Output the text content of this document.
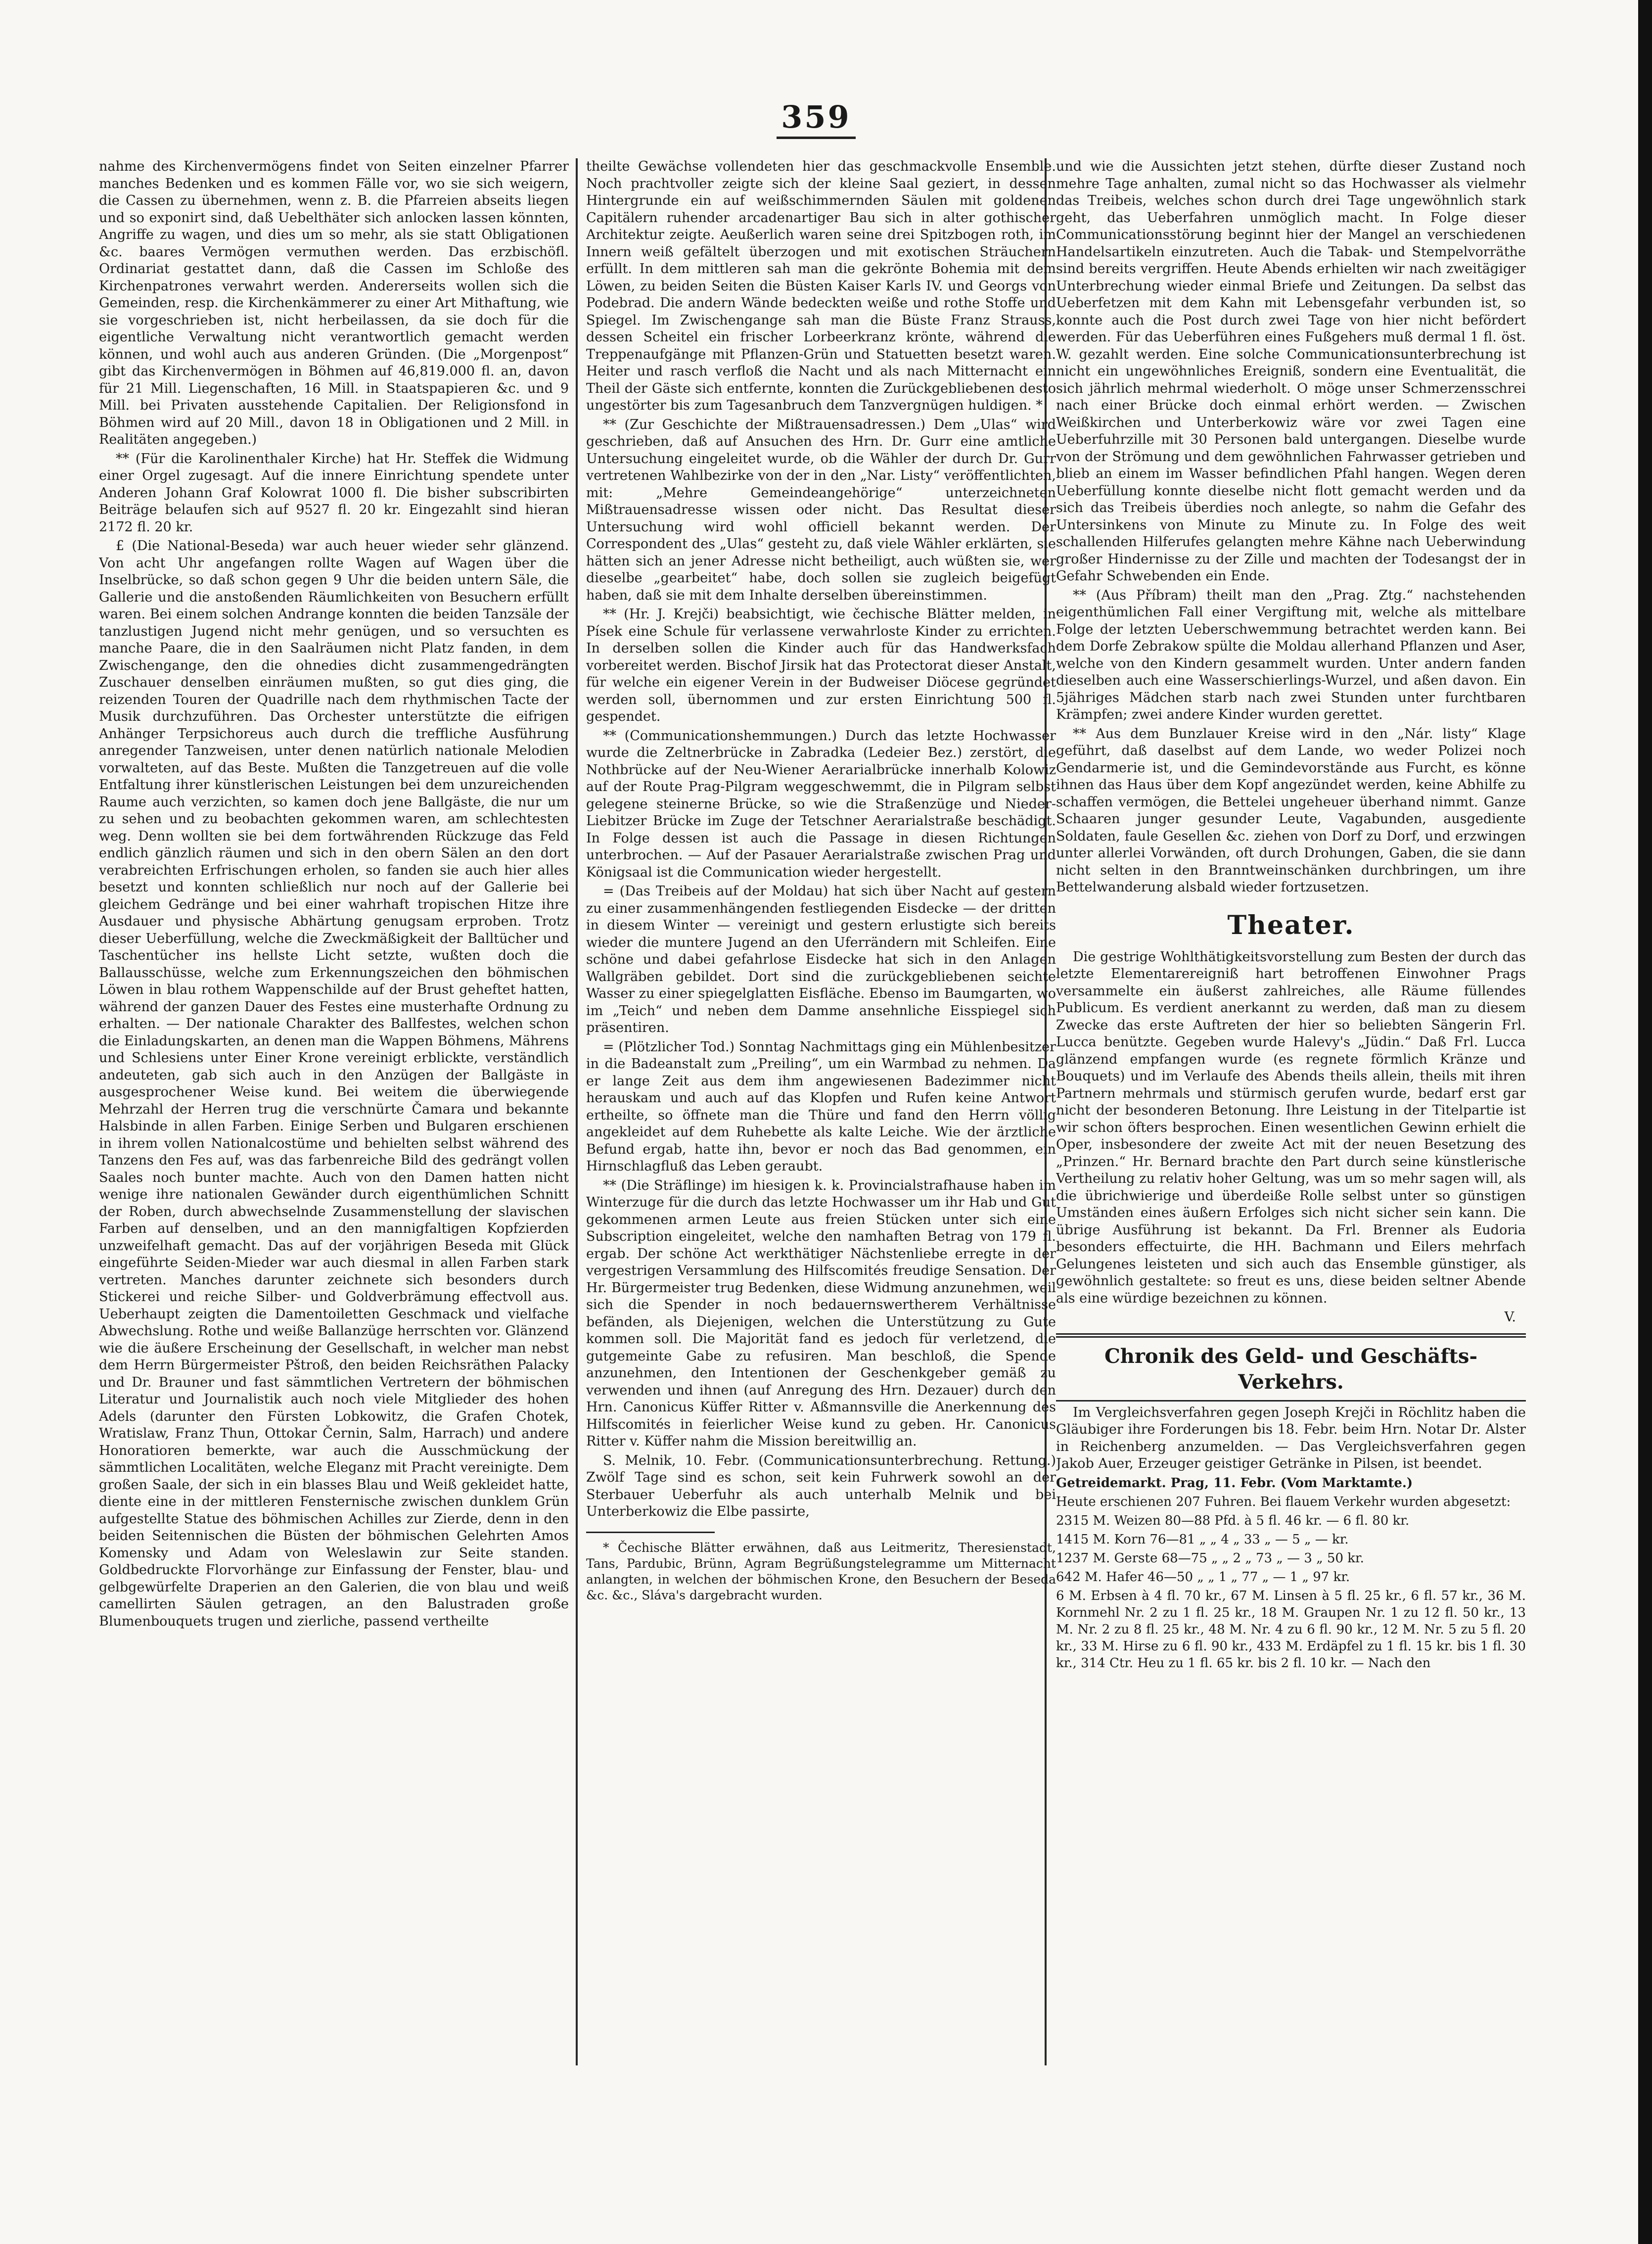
359

nahme des Kirchenvermögens findet von Seiten einzelner Pfarrer manches Bedenken und es kommen Fälle vor, wo sie sich weigern, die Cassen zu übernehmen, wenn z. B. die Pfarreien abseits liegen und so exponirt sind, daß Uebelthäter sich anlocken lassen könnten, Angriffe zu wagen, und dies um so mehr, als sie statt Obligationen &c. baares Vermögen vermuthen werden. Das erzbischöfl. Ordinariat gestattet dann, daß die Cassen im Schloße des Kirchenpatrones verwahrt werden. Andererseits wollen sich die Gemeinden, resp. die Kirchenkämmerer zu einer Art Mithaftung, wie sie vorgeschrieben ist, nicht herbeilassen, da sie doch für die eigentliche Verwaltung nicht verantwortlich gemacht werden können, und wohl auch aus anderen Gründen. (Die „Morgenpost“ gibt das Kirchenvermögen in Böhmen auf 46,819.000 fl. an, davon für 21 Mill. Liegenschaften, 16 Mill. in Staatspapieren &c. und 9 Mill. bei Privaten ausstehende Capitalien. Der Religionsfond in Böhmen wird auf 20 Mill., davon 18 in Obligationen und 2 Mill. in Realitäten angegeben.)

** (Für die Karolinenthaler Kirche) hat Hr. Steffek die Widmung einer Orgel zugesagt. Auf die innere Einrichtung spendete unter Anderen Johann Graf Kolowrat 1000 fl. Die bisher subscribirten Beiträge belaufen sich auf 9527 fl. 20 kr. Eingezahlt sind hieran 2172 fl. 20 kr.

£ (Die National-Beseda) war auch heuer wieder sehr glänzend. Von acht Uhr angefangen rollte Wagen auf Wagen über die Inselbrücke, so daß schon gegen 9 Uhr die beiden untern Säle, die Gallerie und die anstoßenden Räumlichkeiten von Besuchern erfüllt waren. Bei einem solchen Andrange konnten die beiden Tanzsäle der tanzlustigen Jugend nicht mehr genügen, und so versuchten es manche Paare, die in den Saalräumen nicht Platz fanden, in dem Zwischengange, den die ohnedies dicht zusammengedrängten Zuschauer denselben einräumen mußten, so gut dies ging, die reizenden Touren der Quadrille nach dem rhythmischen Tacte der Musik durchzuführen. Das Orchester unterstützte die eifrigen Anhänger Terpsichoreus auch durch die treffliche Ausführung anregender Tanzweisen, unter denen natürlich nationale Melodien vorwalteten, auf das Beste. Mußten die Tanzgetreuen auf die volle Entfaltung ihrer künstlerischen Leistungen bei dem unzureichenden Raume auch verzichten, so kamen doch jene Ballgäste, die nur um zu sehen und zu beobachten gekommen waren, am schlechtesten weg. Denn wollten sie bei dem fortwährenden Rückzuge das Feld endlich gänzlich räumen und sich in den obern Sälen an den dort verabreichten Erfrischungen erholen, so fanden sie auch hier alles besetzt und konnten schließlich nur noch auf der Gallerie bei gleichem Gedränge und bei einer wahrhaft tropischen Hitze ihre Ausdauer und physische Abhärtung genugsam erproben. Trotz dieser Ueberfüllung, welche die Zweckmäßigkeit der Balltücher und Taschentücher ins hellste Licht setzte, wußten doch die Ballausschüsse, welche zum Erkennungszeichen den böhmischen Löwen in blau rothem Wappenschilde auf der Brust geheftet hatten, während der ganzen Dauer des Festes eine musterhafte Ordnung zu erhalten. — Der nationale Charakter des Ballfestes, welchen schon die Einladungskarten, an denen man die Wappen Böhmens, Mährens und Schlesiens unter Einer Krone vereinigt erblickte, verständlich andeuteten, gab sich auch in den Anzügen der Ballgäste in ausgesprochener Weise kund. Bei weitem die überwiegende Mehrzahl der Herren trug die verschnürte Čamara und bekannte Halsbinde in allen Farben. Einige Serben und Bulgaren erschienen in ihrem vollen Nationalcostüme und behielten selbst während des Tanzens den Fes auf, was das farbenreiche Bild des gedrängt vollen Saales noch bunter machte. Auch von den Damen hatten nicht wenige ihre nationalen Gewänder durch eigenthümlichen Schnitt der Roben, durch abwechselnde Zusammenstellung der slavischen Farben auf denselben, und an den mannigfaltigen Kopfzierden unzweifelhaft gemacht. Das auf der vorjährigen Beseda mit Glück eingeführte Seiden-Mieder war auch diesmal in allen Farben stark vertreten. Manches darunter zeichnete sich besonders durch Stickerei und reiche Silber- und Goldverbrämung effectvoll aus. Ueberhaupt zeigten die Damentoiletten Geschmack und vielfache Abwechslung. Rothe und weiße Ballanzüge herrschten vor. Glänzend wie die äußere Erscheinung der Gesellschaft, in welcher man nebst dem Herrn Bürgermeister Pštroß, den beiden Reichsräthen Palacky und Dr. Brauner und fast sämmtlichen Vertretern der böhmischen Literatur und Journalistik auch noch viele Mitglieder des hohen Adels (darunter den Fürsten Lobkowitz, die Grafen Chotek, Wratislaw, Franz Thun, Ottokar Černin, Salm, Harrach) und andere Honoratioren bemerkte, war auch die Ausschmückung der sämmtlichen Localitäten, welche Eleganz mit Pracht vereinigte. Dem großen Saale, der sich in ein blasses Blau und Weiß gekleidet hatte, diente eine in der mittleren Fensternische zwischen dunklem Grün aufgestellte Statue des böhmischen Achilles zur Zierde, denn in den beiden Seitennischen die Büsten der böhmischen Gelehrten Amos Komensky und Adam von Weleslawin zur Seite standen. Goldbedruckte Florvorhänge zur Einfassung der Fenster, blau- und gelbgewürfelte Draperien an den Galerien, die von blau und weiß camellirten Säulen getragen, an den Balustraden große Blumenbouquets trugen und zierliche, passend vertheilte

theilte Gewächse vollendeten hier das geschmackvolle Ensemble. Noch prachtvoller zeigte sich der kleine Saal geziert, in dessen Hintergrunde ein auf weißschimmernden Säulen mit goldenen Capitälern ruhender arcadenartiger Bau sich in alter gothischer Architektur zeigte. Aeußerlich waren seine drei Spitzbogen roth, im Innern weiß gefältelt überzogen und mit exotischen Sträuchern erfüllt. In dem mittleren sah man die gekrönte Bohemia mit dem Löwen, zu beiden Seiten die Büsten Kaiser Karls IV. und Georgs von Podebrad. Die andern Wände bedeckten weiße und rothe Stoffe und Spiegel. Im Zwischengange sah man die Büste Franz Strauss, dessen Scheitel ein frischer Lorbeerkranz krönte, während die Treppenaufgänge mit Pflanzen-Grün und Statuetten besetzt waren. Heiter und rasch verfloß die Nacht und als nach Mitternacht ein Theil der Gäste sich entfernte, konnten die Zurückgebliebenen desto ungestörter bis zum Tagesanbruch dem Tanzvergnügen huldigen. *

** (Zur Geschichte der Mißtrauensadressen.) Dem „Ulas“ wird geschrieben, daß auf Ansuchen des Hrn. Dr. Gurr eine amtliche Untersuchung eingeleitet wurde, ob die Wähler der durch Dr. Gurr vertretenen Wahlbezirke von der in den „Nar. Listy“ veröffentlichten, mit: „Mehre Gemeindeangehörige“ unterzeichneten Mißtrauensadresse wissen oder nicht. Das Resultat dieser Untersuchung wird wohl officiell bekannt werden. Der Correspondent des „Ulas“ gesteht zu, daß viele Wähler erklärten, sie hätten sich an jener Adresse nicht betheiligt, auch wüßten sie, wer dieselbe „gearbeitet“ habe, doch sollen sie zugleich beigefügt haben, daß sie mit dem Inhalte derselben übereinstimmen.

** (Hr. J. Krejči) beabsichtigt, wie čechische Blätter melden, in Písek eine Schule für verlassene verwahrloste Kinder zu errichten. In derselben sollen die Kinder auch für das Handwerksfach vorbereitet werden. Bischof Jirsik hat das Protectorat dieser Anstalt, für welche ein eigener Verein in der Budweiser Diöcese gegründet werden soll, übernommen und zur ersten Einrichtung 500 fl. gespendet.

** (Communicationshemmungen.) Durch das letzte Hochwasser wurde die Zeltnerbrücke in Zabradka (Ledeier Bez.) zerstört, die Nothbrücke auf der Neu-Wiener Aerarialbrücke innerhalb Kolowiz auf der Route Prag-Pilgram weggeschwemmt, die in Pilgram selbst gelegene steinerne Brücke, so wie die Straßenzüge und Nieder-Liebitzer Brücke im Zuge der Tetschner Aerarialstraße beschädigt. In Folge dessen ist auch die Passage in diesen Richtungen unterbrochen. — Auf der Pasauer Aerarialstraße zwischen Prag und Königsaal ist die Communication wieder hergestellt.

= (Das Treibeis auf der Moldau) hat sich über Nacht auf gestern zu einer zusammenhängenden festliegenden Eisdecke — der dritten in diesem Winter — vereinigt und gestern erlustigte sich bereits wieder die muntere Jugend an den Uferrändern mit Schleifen. Eine schöne und dabei gefahrlose Eisdecke hat sich in den Anlagen Wallgräben gebildet. Dort sind die zurückgebliebenen seichte Wasser zu einer spiegelglatten Eisfläche. Ebenso im Baumgarten, wo im „Teich“ und neben dem Damme ansehnliche Eisspiegel sich präsentiren.

= (Plötzlicher Tod.) Sonntag Nachmittags ging ein Mühlenbesitzer in die Badeanstalt zum „Preiling“, um ein Warmbad zu nehmen. Da er lange Zeit aus dem ihm angewiesenen Badezimmer nicht herauskam und auch auf das Klopfen und Rufen keine Antwort ertheilte, so öffnete man die Thüre und fand den Herrn völlig angekleidet auf dem Ruhebette als kalte Leiche. Wie der ärztliche Befund ergab, hatte ihn, bevor er noch das Bad genommen, ein Hirnschlagfluß das Leben geraubt.

** (Die Sträflinge) im hiesigen k. k. Provincialstrafhause haben im Winterzuge für die durch das letzte Hochwasser um ihr Hab und Gut gekommenen armen Leute aus freien Stücken unter sich eine Subscription eingeleitet, welche den namhaften Betrag von 179 fl. ergab. Der schöne Act werkthätiger Nächstenliebe erregte in der vergestrigen Versammlung des Hilfscomités freudige Sensation. Der Hr. Bürgermeister trug Bedenken, diese Widmung anzunehmen, weil sich die Spender in noch bedauernswertherem Verhältnisse befänden, als Diejenigen, welchen die Unterstützung zu Gute kommen soll. Die Majorität fand es jedoch für verletzend, die gutgemeinte Gabe zu refusiren. Man beschloß, die Spende anzunehmen, den Intentionen der Geschenkgeber gemäß zu verwenden und ihnen (auf Anregung des Hrn. Dezauer) durch den Hrn. Canonicus Küffer Ritter v. Aßmannsville die Anerkennung des Hilfscomités in feierlicher Weise kund zu geben. Hr. Canonicus Ritter v. Küffer nahm die Mission bereitwillig an.

S. Melnik, 10. Febr. (Communicationsunterbrechung. Rettung.) Zwölf Tage sind es schon, seit kein Fuhrwerk sowohl an der Sterbauer Ueberfuhr als auch unterhalb Melnik und bei Unterberkowiz die Elbe passirte,

* Čechische Blätter erwähnen, daß aus Leitmeritz, Theresienstadt, Tans, Pardubic, Brünn, Agram Begrüßungstelegramme um Mitternacht anlangten, in welchen der böhmischen Krone, den Besuchern der Beseda &c. &c., Sláva's dargebracht wurden.

und wie die Aussichten jetzt stehen, dürfte dieser Zustand noch mehre Tage anhalten, zumal nicht so das Hochwasser als vielmehr das Treibeis, welches schon durch drei Tage ungewöhnlich stark geht, das Ueberfahren unmöglich macht. In Folge dieser Communicationsstörung beginnt hier der Mangel an verschiedenen Handelsartikeln einzutreten. Auch die Tabak- und Stempelvorräthe sind bereits vergriffen. Heute Abends erhielten wir nach zweitägiger Unterbrechung wieder einmal Briefe und Zeitungen. Da selbst das Ueberfetzen mit dem Kahn mit Lebensgefahr verbunden ist, so konnte auch die Post durch zwei Tage von hier nicht befördert werden. Für das Ueberführen eines Fußgehers muß dermal 1 fl. öst. W. gezahlt werden. Eine solche Communicationsunterbrechung ist nicht ein ungewöhnliches Ereigniß, sondern eine Eventualität, die sich jährlich mehrmal wiederholt. O möge unser Schmerzensschrei nach einer Brücke doch einmal erhört werden. — Zwischen Weißkirchen und Unterberkowiz wäre vor zwei Tagen eine Ueberfuhrzille mit 30 Personen bald untergangen. Dieselbe wurde von der Strömung und dem gewöhnlichen Fahrwasser getrieben und blieb an einem im Wasser befindlichen Pfahl hangen. Wegen deren Ueberfüllung konnte dieselbe nicht flott gemacht werden und da sich das Treibeis überdies noch anlegte, so nahm die Gefahr des Untersinkens von Minute zu Minute zu. In Folge des weit schallenden Hilferufes gelangten mehre Kähne nach Ueberwindung großer Hindernisse zu der Zille und machten der Todesangst der in Gefahr Schwebenden ein Ende.

** (Aus Příbram) theilt man den „Prag. Ztg.“ nachstehenden eigenthümlichen Fall einer Vergiftung mit, welche als mittelbare Folge der letzten Ueberschwemmung betrachtet werden kann. Bei dem Dorfe Zebrakow spülte die Moldau allerhand Pflanzen und Aser, welche von den Kindern gesammelt wurden. Unter andern fanden dieselben auch eine Wasserschierlings-Wurzel, und aßen davon. Ein 5jähriges Mädchen starb nach zwei Stunden unter furchtbaren Krämpfen; zwei andere Kinder wurden gerettet.

** Aus dem Bunzlauer Kreise wird in den „Nár. listy“ Klage geführt, daß daselbst auf dem Lande, wo weder Polizei noch Gendarmerie ist, und die Gemindevorstände aus Furcht, es könne ihnen das Haus über dem Kopf angezündet werden, keine Abhilfe zu schaffen vermögen, die Bettelei ungeheuer überhand nimmt. Ganze Schaaren junger gesunder Leute, Vagabunden, ausgediente Soldaten, faule Gesellen &c. ziehen von Dorf zu Dorf, und erzwingen unter allerlei Vorwänden, oft durch Drohungen, Gaben, die sie dann nicht selten in den Branntweinschänken durchbringen, um ihre Bettelwanderung alsbald wieder fortzusetzen.

Theater.

Die gestrige Wohlthätigkeitsvorstellung zum Besten der durch das letzte Elementarereigniß hart betroffenen Einwohner Prags versammelte ein äußerst zahlreiches, alle Räume füllendes Publicum. Es verdient anerkannt zu werden, daß man zu diesem Zwecke das erste Auftreten der hier so beliebten Sängerin Frl. Lucca benützte. Gegeben wurde Halevy's „Jüdin.“ Daß Frl. Lucca glänzend empfangen wurde (es regnete förmlich Kränze und Bouquets) und im Verlaufe des Abends theils allein, theils mit ihren Partnern mehrmals und stürmisch gerufen wurde, bedarf erst gar nicht der besonderen Betonung. Ihre Leistung in der Titelpartie ist wir schon öfters besprochen. Einen wesentlichen Gewinn erhielt die Oper, insbesondere der zweite Act mit der neuen Besetzung des „Prinzen.“ Hr. Bernard brachte den Part durch seine künstlerische Vertheilung zu relativ hoher Geltung, was um so mehr sagen will, als die übrichwierige und überdeiße Rolle selbst unter so günstigen Umständen eines äußern Erfolges sich nicht sicher sein kann. Die übrige Ausführung ist bekannt. Da Frl. Brenner als Eudoria besonders effectuirte, die HH. Bachmann und Eilers mehrfach Gelungenes leisteten und sich auch das Ensemble günstiger, als gewöhnlich gestaltete: so freut es uns, diese beiden seltner Abende als eine würdige bezeichnen zu können.

V.
Chronik des Geld- und Geschäfts-Verkehrs.

Im Vergleichsverfahren gegen Joseph Krejči in Röchlitz haben die Gläubiger ihre Forderungen bis 18. Febr. beim Hrn. Notar Dr. Alster in Reichenberg anzumelden. — Das Vergleichsverfahren gegen Jakob Auer, Erzeuger geistiger Getränke in Pilsen, ist beendet.

Getreidemarkt. Prag, 11. Febr. (Vom Marktamte.)

Heute erschienen 207 Fuhren. Bei flauem Verkehr wurden abgesetzt:

2315 M. Weizen 80—88 Pfd. à 5 fl. 46 kr. — 6 fl. 80 kr.

1415 M. Korn 76—81 „ „ 4 „ 33 „ — 5 „ — kr.

1237 M. Gerste 68—75 „ „ 2 „ 73 „ — 3 „ 50 kr.

642 M. Hafer 46—50 „ „ 1 „ 77 „ — 1 „ 97 kr.

6 M. Erbsen à 4 fl. 70 kr., 67 M. Linsen à 5 fl. 25 kr., 6 fl. 57 kr., 36 M. Kornmehl Nr. 2 zu 1 fl. 25 kr., 18 M. Graupen Nr. 1 zu 12 fl. 50 kr., 13 M. Nr. 2 zu 8 fl. 25 kr., 48 M. Nr. 4 zu 6 fl. 90 kr., 12 M. Nr. 5 zu 5 fl. 20 kr., 33 M. Hirse zu 6 fl. 90 kr., 433 M. Erdäpfel zu 1 fl. 15 kr. bis 1 fl. 30 kr., 314 Ctr. Heu zu 1 fl. 65 kr. bis 2 fl. 10 kr. — Nach den
